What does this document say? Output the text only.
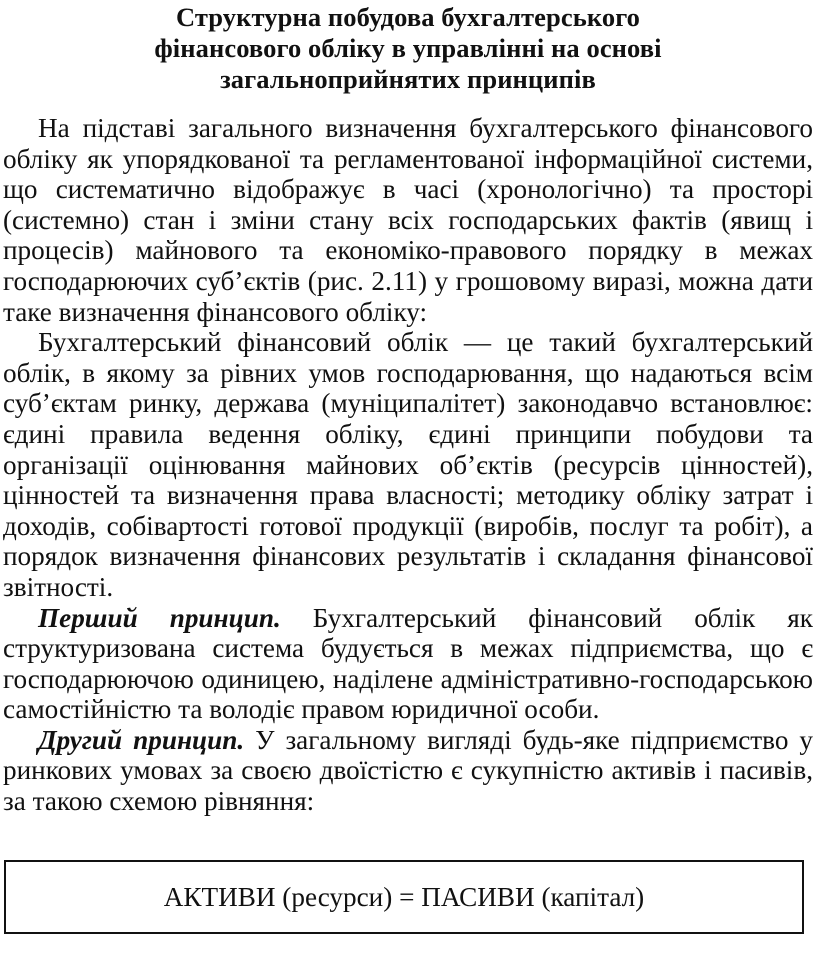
Структурна побудова бухгалтерського
фінансового обліку в управлінні на основі
загальноприйнятих принципів

На підставі загального визначення бухгалтерського фінансового обліку як упорядкованої та регламентованої інформаційної системи, що систематично відображує в часі (хронологічно) та просторі (системно) стан і зміни стану всіх господарських фактів (явищ і процесів) майнового та економіко-правового порядку в межах господарюючих суб’єктів (рис. 2.11) у грошовому виразі, можна дати таке визначення фінансового обліку:

Бухгалтерський фінансовий облік — це такий бухгалтерський облік, в якому за рівних умов господарювання, що надаються всім суб’єктам ринку, держава (муніципалітет) законодавчо встановлює: єдині правила ведення обліку, єдині принципи побудови та організації оцінювання майнових об’єктів (ресурсів цінностей), цінностей та визначення права власності; методику обліку затрат і доходів, собівартості готової продукції (виробів, послуг та робіт), а порядок визначення фінансових результатів і складання фінансової звітності.

Перший принцип. Бухгалтерський фінансовий облік як структуризована система будується в межах підприємства, що є господарюючою одиницею, наділене адміністративно-господарською самостійністю та володіє правом юридичної особи.

Другий принцип. У загальному вигляді будь-яке підприємство у ринкових умовах за своєю двоїстістю є сукупністю активів і пасивів, за такою схемою рівняння:

АКТИВИ (ресурси) = ПАСИВИ (капітал)
